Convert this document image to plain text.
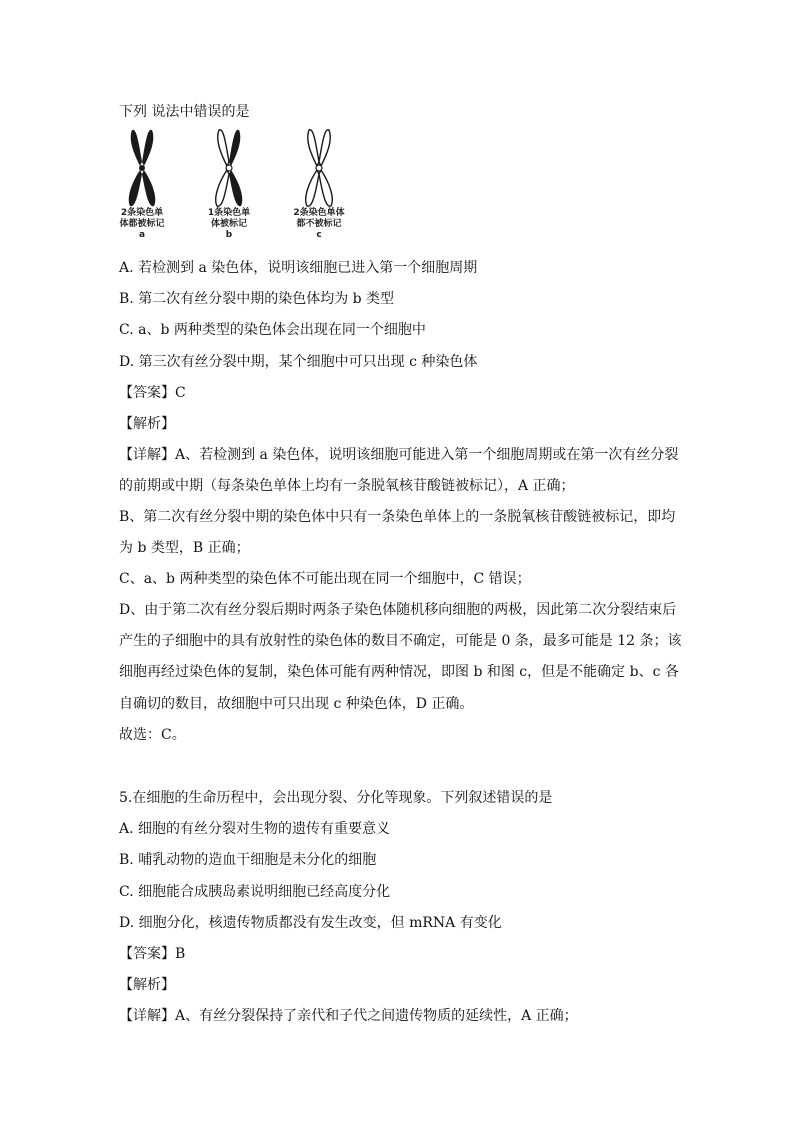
下列 说法中错误的是
2条染色单
体都被标记
a
1条染色单
体被标记
b
2条染色单体
都不被标记
c
A. 若检测到 a 染色体，说明该细胞已进入第一个细胞周期
B. 第二次有丝分裂中期的染色体均为 b 类型
C. a、b 两种类型的染色体会出现在同一个细胞中
D. 第三次有丝分裂中期，某个细胞中可只出现 c 种染色体
【答案】C
【解析】
【详解】A、若检测到 a 染色体，说明该细胞可能进入第一个细胞周期或在第一次有丝分裂
的前期或中期（每条染色单体上均有一条脱氧核苷酸链被标记），A 正确；
B、第二次有丝分裂中期的染色体中只有一条染色单体上的一条脱氧核苷酸链被标记，即均
为 b 类型，B 正确；
C、a、b 两种类型的染色体不可能出现在同一个细胞中，C 错误；
D、由于第二次有丝分裂后期时两条子染色体随机移向细胞的两极，因此第二次分裂结束后
产生的子细胞中的具有放射性的染色体的数目不确定，可能是 0 条，最多可能是 12 条；该
细胞再经过染色体的复制，染色体可能有两种情况，即图 b 和图 c，但是不能确定 b、c 各
自确切的数目，故细胞中可只出现 c 种染色体，D 正确。
故选：C。
5.在细胞的生命历程中，会出现分裂、分化等现象。下列叙述错误的是
A. 细胞的有丝分裂对生物的遗传有重要意义
B. 哺乳动物的造血干细胞是未分化的细胞
C. 细胞能合成胰岛素说明细胞已经高度分化
D. 细胞分化，核遗传物质都没有发生改变，但 mRNA 有变化
【答案】B
【解析】
【详解】A、有丝分裂保持了亲代和子代之间遗传物质的延续性，A 正确；
